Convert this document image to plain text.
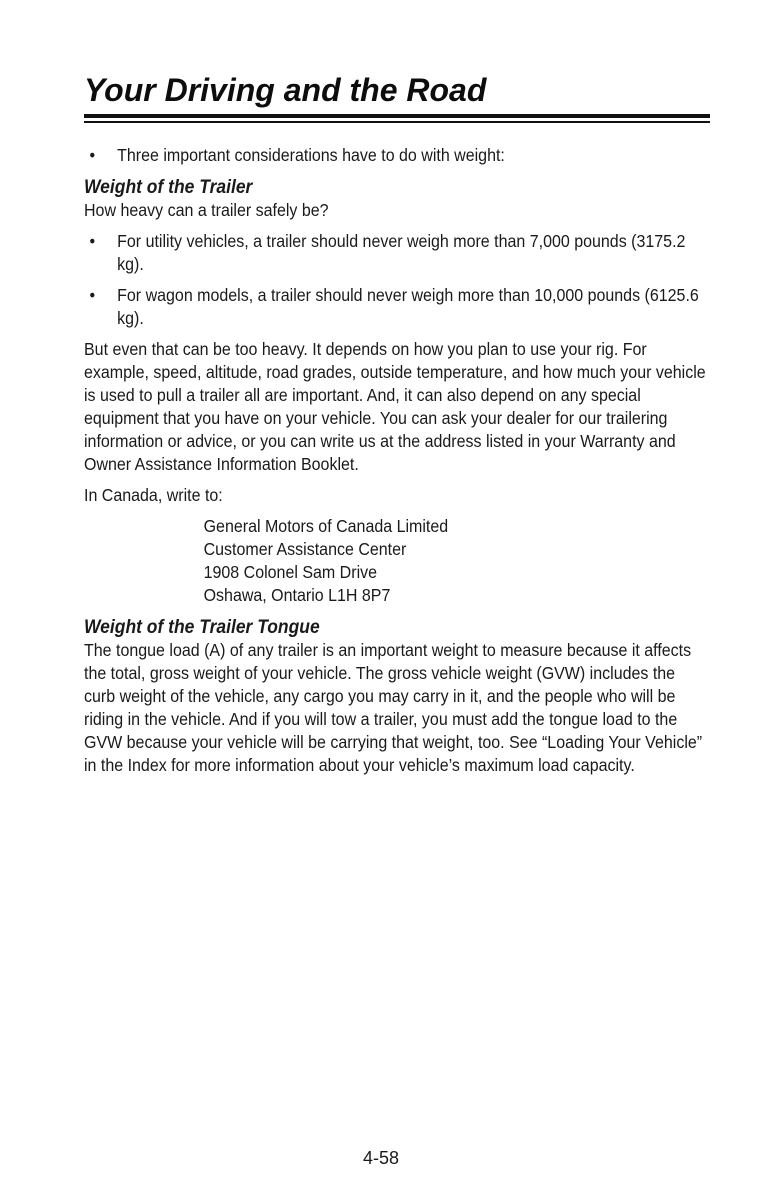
Your Driving and the Road
• Three important considerations have to do with weight:
Weight of the Trailer
How heavy can a trailer safely be?
• For utility vehicles, a trailer should never weigh more than 7,000 pounds (3175.2 kg).
• For wagon models, a trailer should never weigh more than 10,000 pounds (6125.6 kg).
But even that can be too heavy. It depends on how you plan to use your rig. For example, speed, altitude, road grades, outside temperature, and how much your vehicle is used to pull a trailer all are important. And, it can also depend on any special equipment that you have on your vehicle. You can ask your dealer for our trailering information or advice, or you can write us at the address listed in your Warranty and Owner Assistance Information Booklet.
In Canada, write to:
General Motors of Canada Limited
Customer Assistance Center
1908 Colonel Sam Drive
Oshawa, Ontario L1H 8P7
Weight of the Trailer Tongue
The tongue load (A) of any trailer is an important weight to measure because it affects the total, gross weight of your vehicle. The gross vehicle weight (GVW) includes the curb weight of the vehicle, any cargo you may carry in it, and the people who will be riding in the vehicle. And if you will tow a trailer, you must add the tongue load to the GVW because your vehicle will be carrying that weight, too. See “Loading Your Vehicle” in the Index for more information about your vehicle’s maximum load capacity.
4-58
